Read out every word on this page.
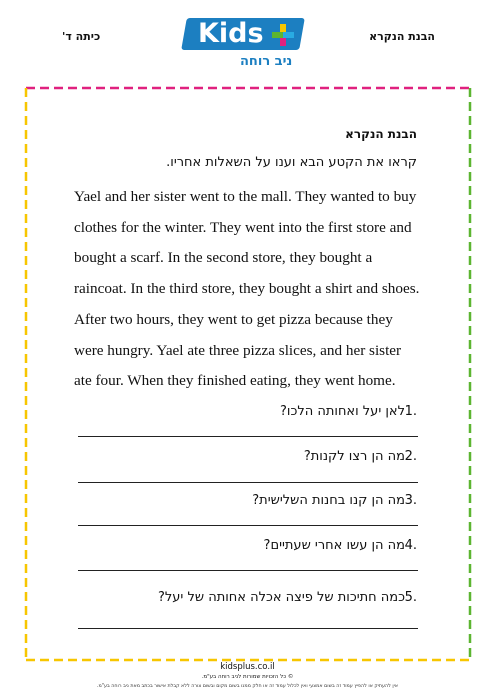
כיתה ד'	הבנת הנקרא
Kids
ניב רוחה
הבנת הנקרא
קראו את הקטע הבא וענו על השאלות אחריו.

Yael and her sister went to the mall. They wanted to buy clothes for the winter. They went into the first store and bought a scarf. In the second store, they bought a raincoat. In the third store, they bought a shirt and shoes. After two hours, they went to get pizza because they were hungry. Yael ate three pizza slices, and her sister ate four. When they finished eating, they went home.

1.
לאן יעל ואחותה הלכו?
2.
מה הן רצו לקנות?
3.
מה הן קנו בחנות השלישית?
4.
מה הן עשו אחרי שעתיים?
5.
כמה חתיכות של פיצה אכלה אחותה של יעל?
kidsplus.co.il
© כל הזכויות שמורות לניב רוחה בע"מ.
אין להעתיק או להפיץ עמוד זה בשום אמצעי ואין לכלול עמוד זה או חלק ממנו בשום מקום ובשום צורה ללא קבלת אישור בכתב מאת ניב רוחה בע"מ.
